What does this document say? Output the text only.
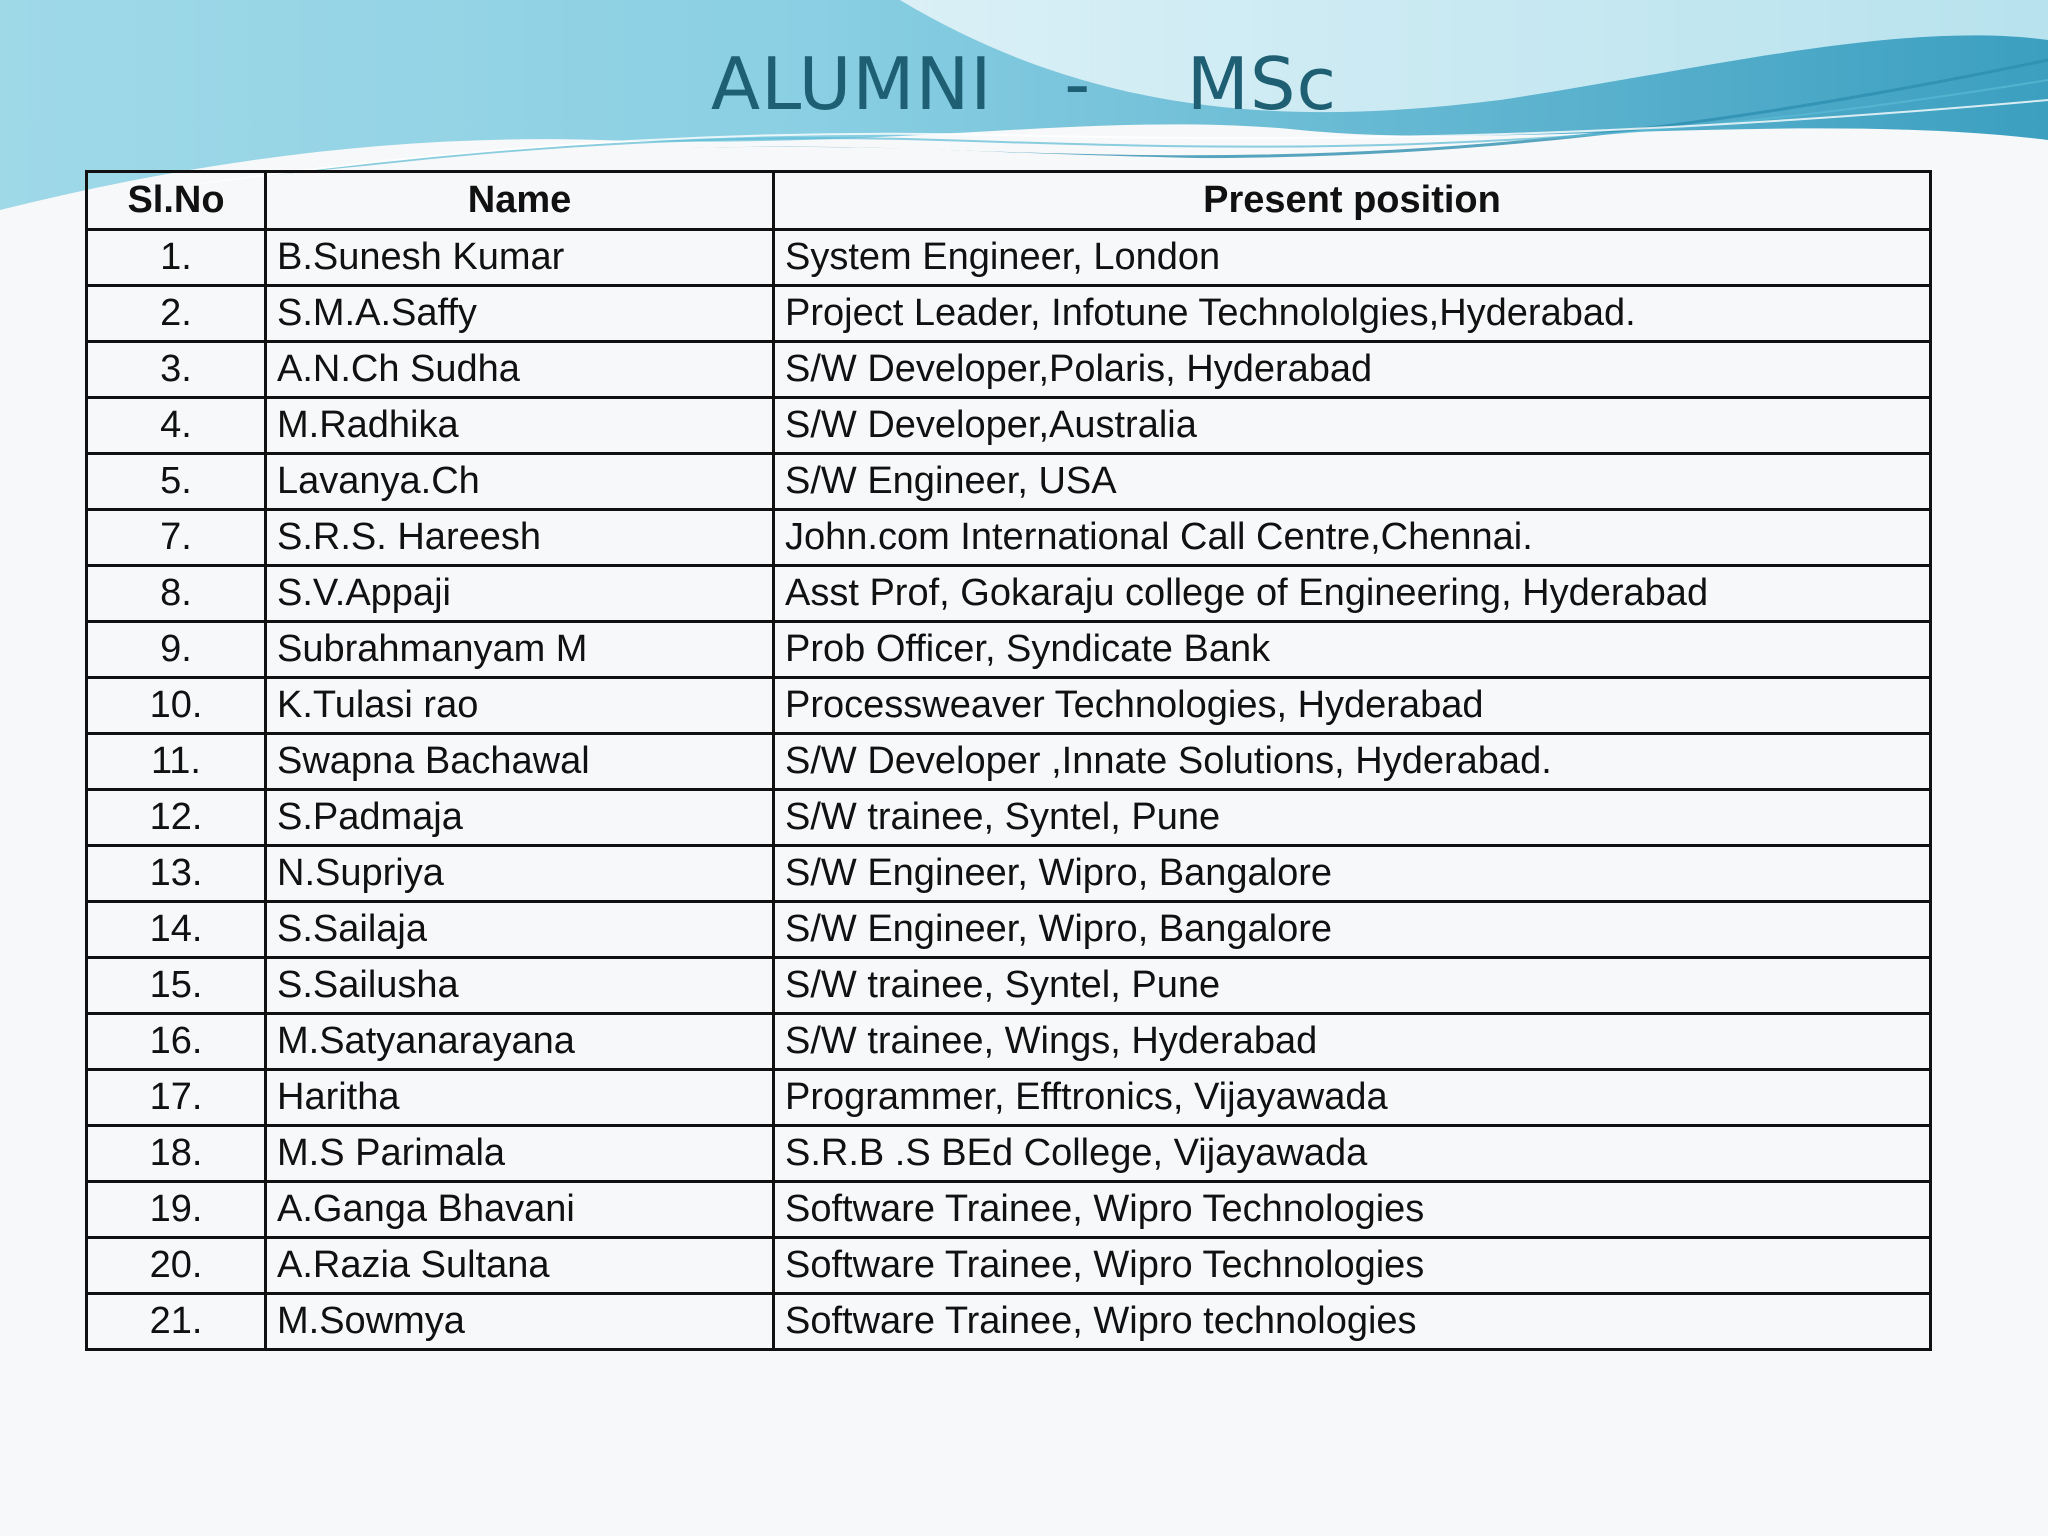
ALUMNI   -    MSc
Sl.No	Name	Present position
1.	B.Sunesh Kumar	System Engineer, London
2.	S.M.A.Saffy	Project Leader, Infotune Technololgies,Hyderabad.
3.	A.N.Ch Sudha	S/W Developer,Polaris, Hyderabad
4.	M.Radhika	S/W Developer,Australia
5.	Lavanya.Ch	S/W Engineer, USA
7.	S.R.S. Hareesh	John.com International Call Centre,Chennai.
8.	S.V.Appaji	Asst Prof, Gokaraju college of Engineering, Hyderabad
9.	Subrahmanyam M	Prob Officer, Syndicate Bank
10.	K.Tulasi rao	Processweaver Technologies, Hyderabad
11.	Swapna Bachawal	S/W Developer ,Innate Solutions, Hyderabad.
12.	S.Padmaja	S/W trainee, Syntel, Pune
13.	N.Supriya	S/W Engineer, Wipro, Bangalore
14.	S.Sailaja	S/W Engineer, Wipro, Bangalore
15.	S.Sailusha	S/W trainee, Syntel, Pune
16.	M.Satyanarayana	S/W trainee, Wings, Hyderabad
17.	Haritha	Programmer, Efftronics, Vijayawada
18.	M.S Parimala	S.R.B .S BEd College, Vijayawada
19.	A.Ganga Bhavani	Software Trainee, Wipro Technologies
20.	A.Razia Sultana	Software Trainee, Wipro Technologies
21.	M.Sowmya	Software Trainee, Wipro technologies
